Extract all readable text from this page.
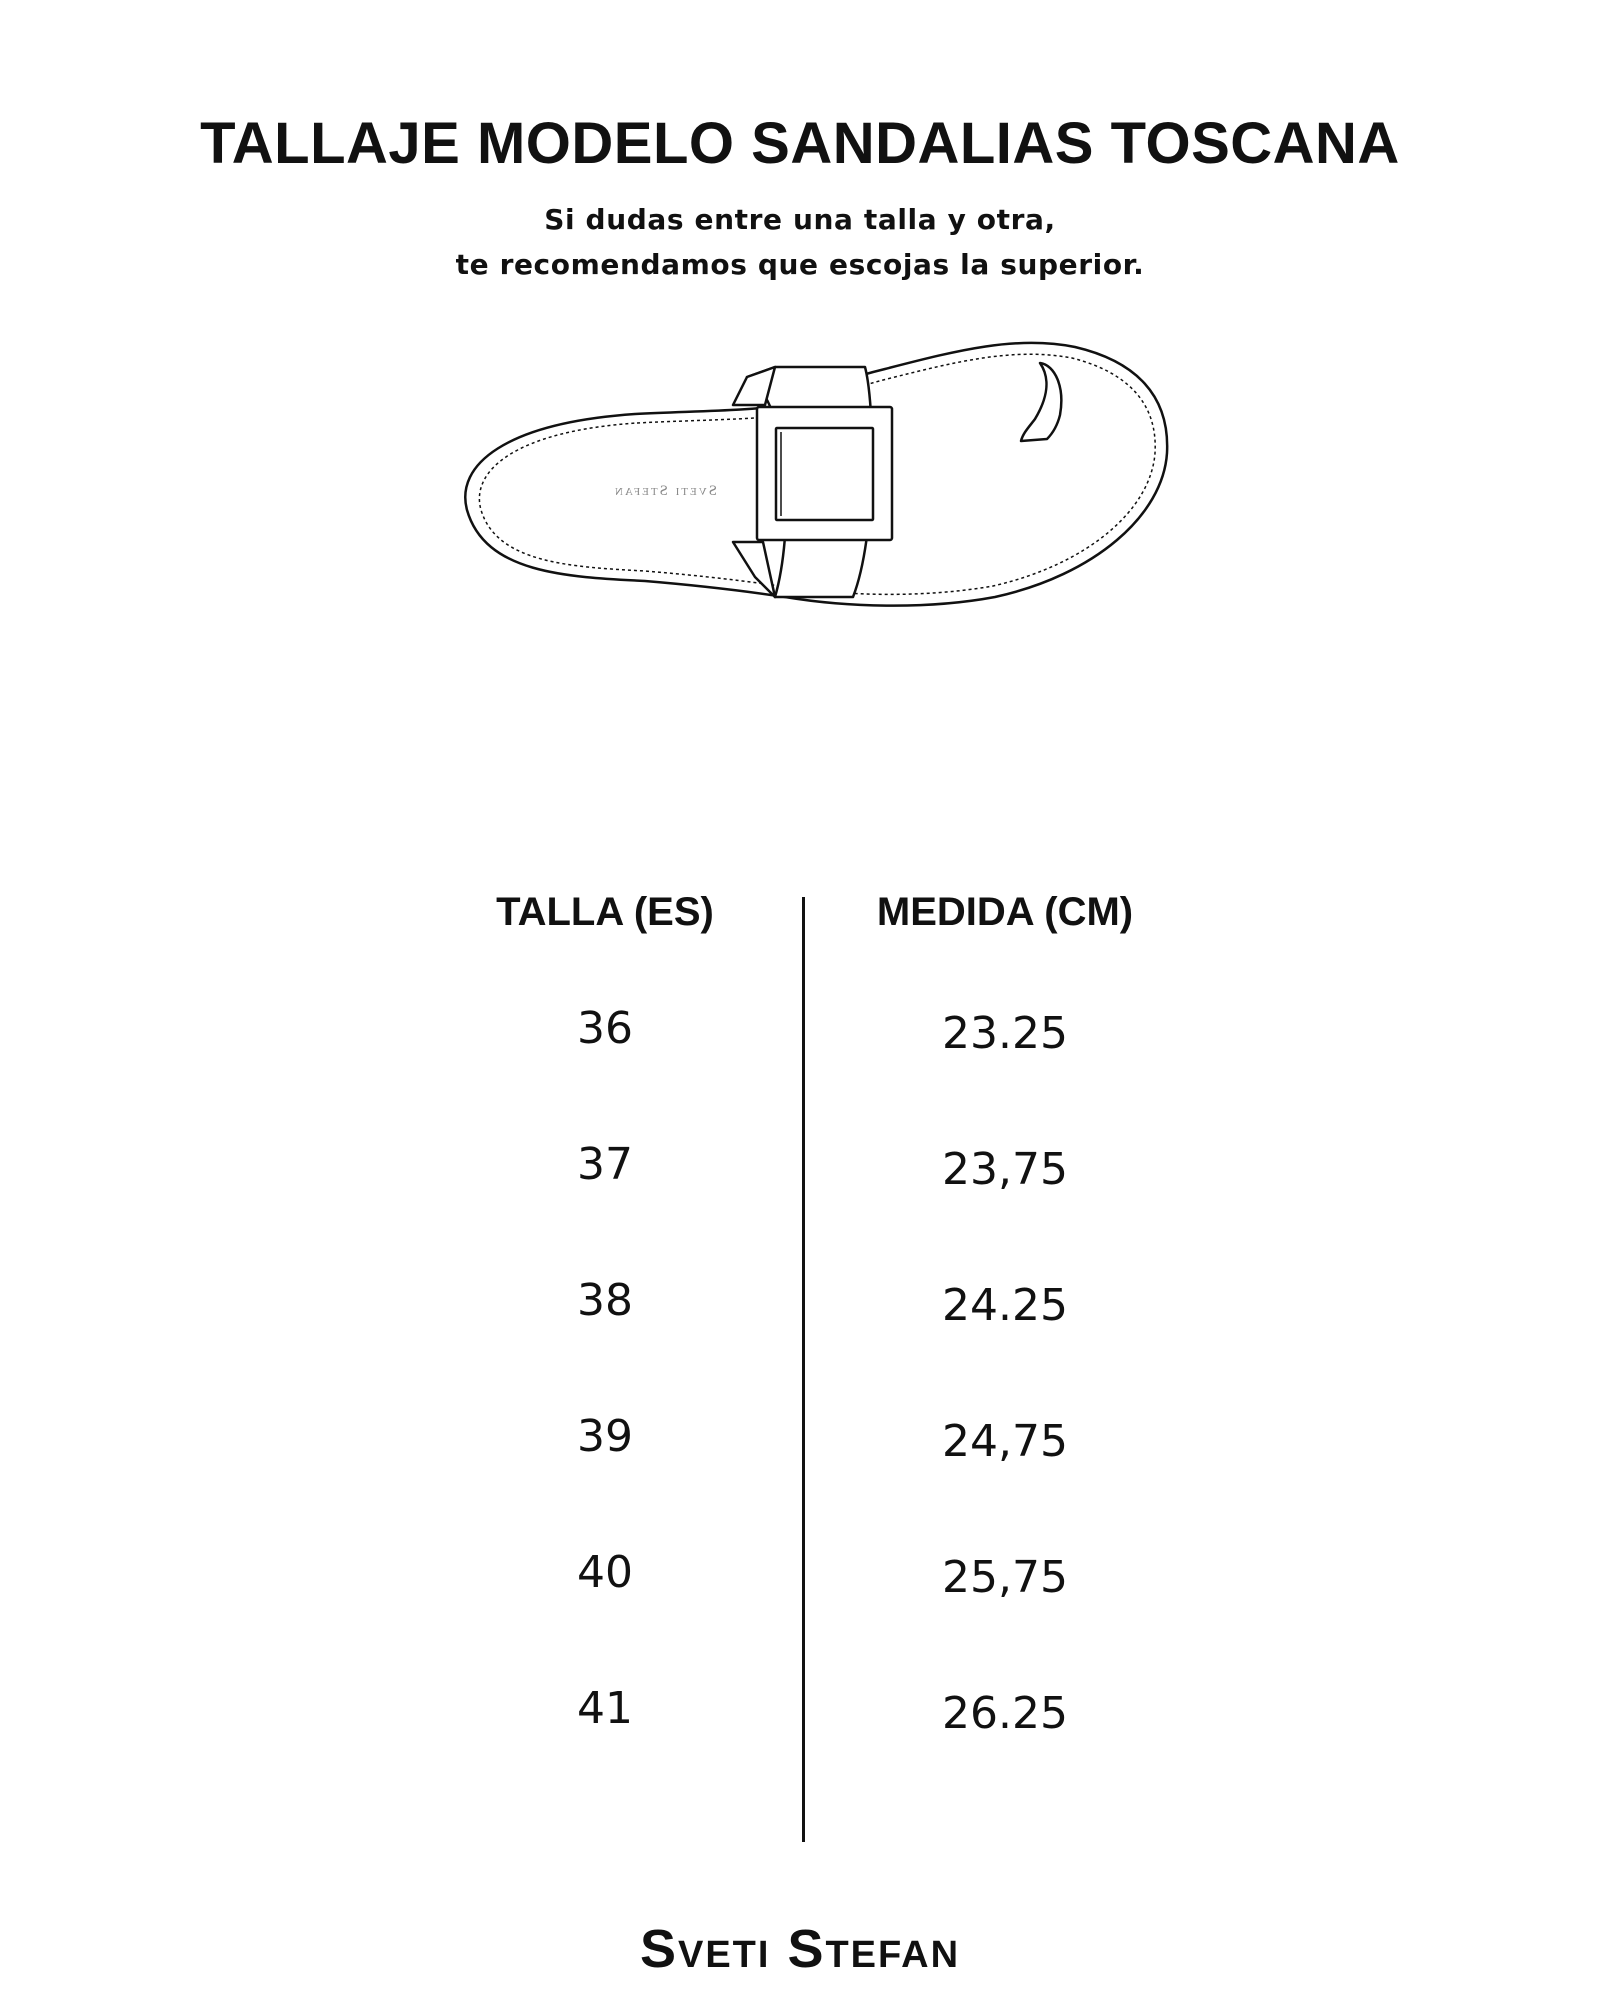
TALLAJE MODELO SANDALIAS TOSCANA

Si dudas entre una talla y otra,

te recomendamos que escojas la superior.

Sveti Stefan
TALLA (ES)	MEDIDA (CM)
36	23.25
37	23,75
38	24.25
39	24,75
40	25,75
41	26.25
Sveti Stefan
